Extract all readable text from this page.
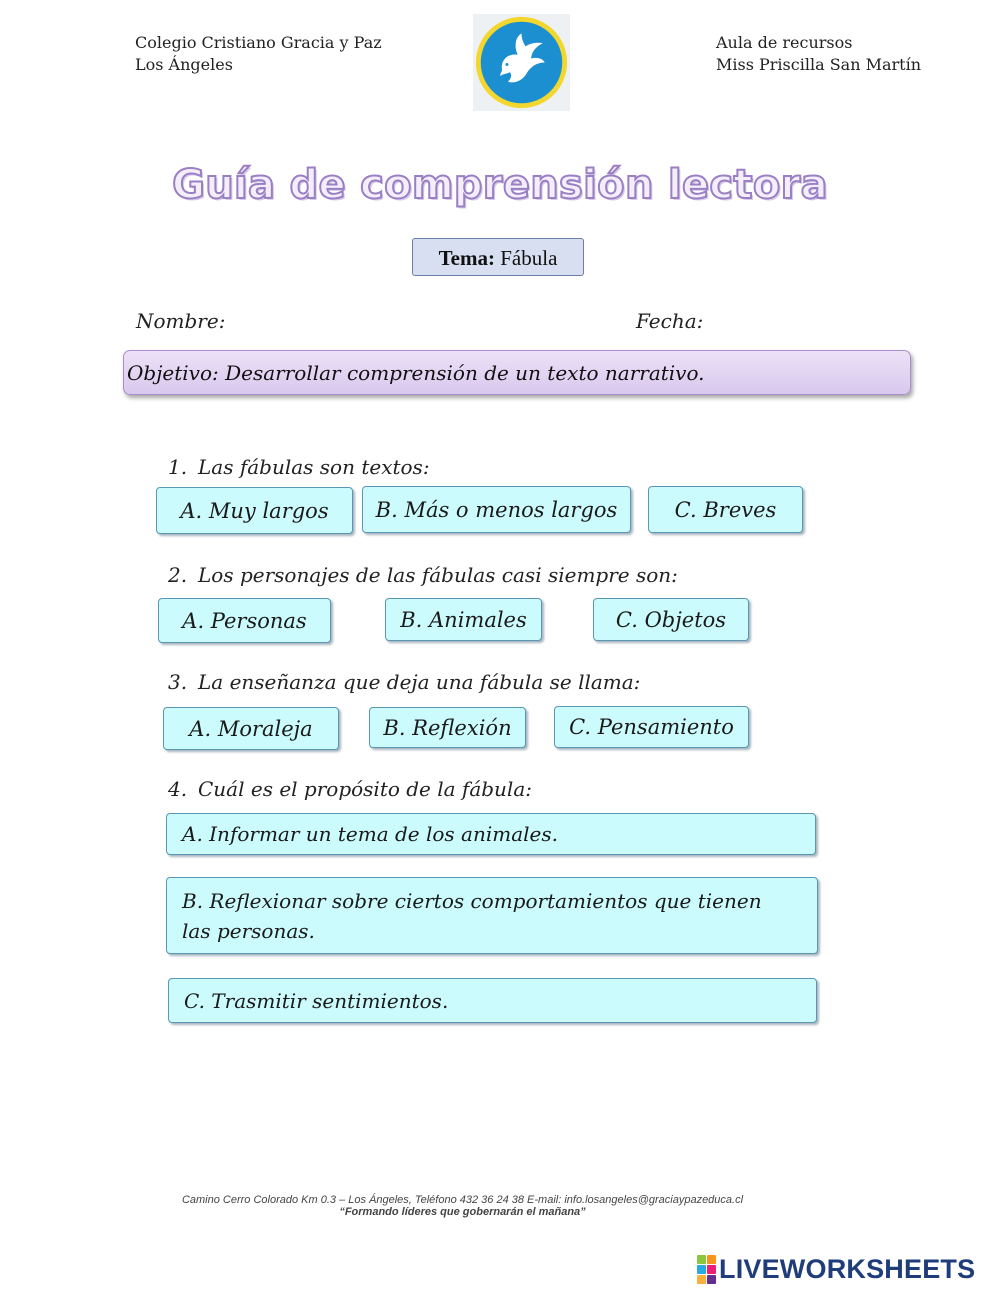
Colegio Cristiano Gracia y Paz
Los Ángeles
Aula de recursos
Miss Priscilla San Martín
Guía de comprensión lectora
Tema: Fábula
Nombre:	Fecha:
Objetivo: Desarrollar comprensión de un texto narrativo.
1. Las fábulas son textos:
A. Muy largos	B. Más o menos largos	C. Breves
2. Los personajes de las fábulas casi siempre son:
A. Personas	B. Animales	C. Objetos
3. La enseñanza que deja una fábula se llama:
A. Moraleja	B. Reflexión	C. Pensamiento
4. Cuál es el propósito de la fábula:
A. Informar un tema de los animales.
B. Reflexionar sobre ciertos comportamientos que tienen las personas.
C. Trasmitir sentimientos.
Camino Cerro Colorado Km 0.3 – Los Ángeles, Teléfono 432 36 24 38 E-mail: info.losangeles@graciaypazeduca.cl
“Formando líderes que gobernarán el mañana”
LIVEWORKSHEETS
